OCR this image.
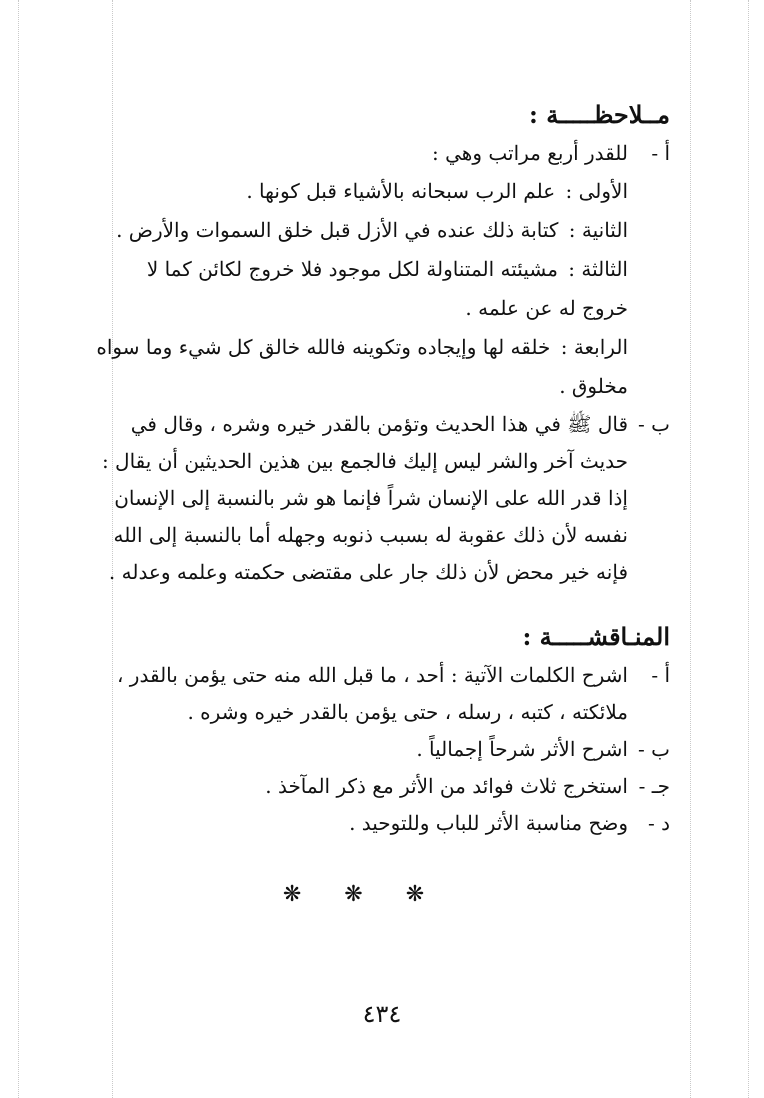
مــلاحظـــــة :
أ -
للقدر أربع مراتب وهي :
الأولى : علم الرب سبحانه بالأشياء قبل كونها .
الثانية : كتابة ذلك عنده في الأزل قبل خلق السموات والأرض .
الثالثة : مشيئته المتناولة لكل موجود فلا خروج لكائن كما لا خروج له عن علمه .
الرابعة : خلقه لها وإيجاده وتكوينه فالله خالق كل شيء وما سواه مخلوق .
ب -
قال ﷺ في هذا الحديث وتؤمن بالقدر خيره وشره ، وقال في حديث آخر والشر ليس إليك فالجمع بين هذين الحديثين أن يقال : إذا قدر الله على الإنسان شراً فإنما هو شر بالنسبة إلى الإنسان نفسه لأن ذلك عقوبة له بسبب ذنوبه وجهله أما بالنسبة إلى الله فإنه خير محض لأن ذلك جار على مقتضى حكمته وعلمه وعدله .
المنـاقشـــــة :
أ -
اشرح الكلمات الآتية : أحد ، ما قبل الله منه حتى يؤمن بالقدر ، ملائكته ، كتبه ، رسله ، حتى يؤمن بالقدر خيره وشره .
ب -
اشرح الأثر شرحاً إجمالياً .
جـ -
استخرج ثلاث فوائد من الأثر مع ذكر المآخذ .
د -
وضح مناسبة الأثر للباب وللتوحيد .
❋ ❋ ❋
٤٣٤
